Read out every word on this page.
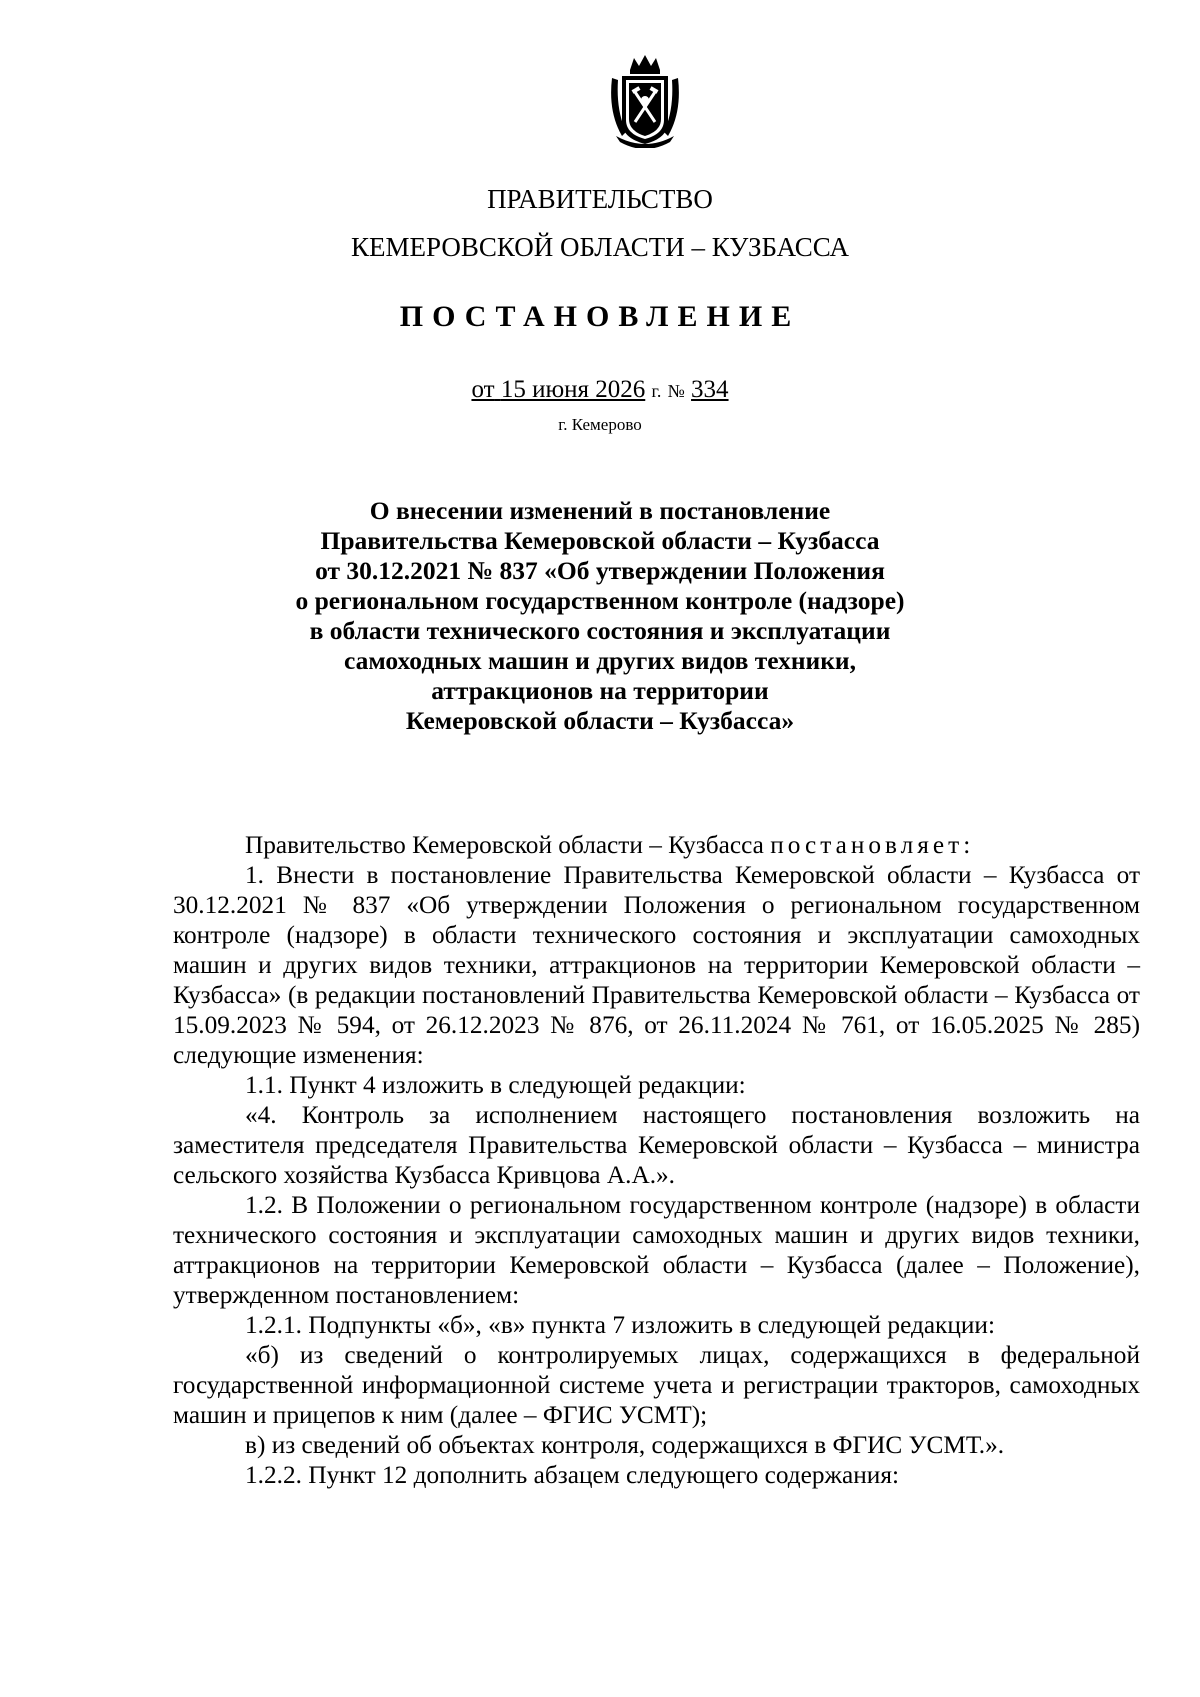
ПРАВИТЕЛЬСТВО
КЕМЕРОВСКОЙ ОБЛАСТИ – КУЗБАССА
ПОСТАНОВЛЕНИЕ
от 15 июня 2026 г. № 334
г. Кемерово
О внесении изменений в постановление
Правительства Кемеровской области – Кузбасса
от 30.12.2021 № 837 «Об утверждении Положения
о региональном государственном контроле (надзоре)
в области технического состояния и эксплуатации
самоходных машин и других видов техники,
аттракционов на территории
Кемеровской области – Кузбасса»

Правительство Кемеровской области – Кузбасса постановляет:

1. Внести в постановление Правительства Кемеровской области – Кузбасса от 30.12.2021 № 837 «Об утверждении Положения о региональном государственном контроле (надзоре) в области технического состояния и эксплуатации самоходных машин и других видов техники, аттракционов на территории Кемеровской области – Кузбасса» (в редакции постановлений Правительства Кемеровской области – Кузбасса от 15.09.2023 № 594, от 26.12.2023 № 876, от 26.11.2024 № 761, от 16.05.2025 № 285) следующие изменения:

1.1. Пункт 4 изложить в следующей редакции:

«4. Контроль за исполнением настоящего постановления возложить на заместителя председателя Правительства Кемеровской области – Кузбасса – министра сельского хозяйства Кузбасса Кривцова А.А.».

1.2. В Положении о региональном государственном контроле (надзоре) в области технического состояния и эксплуатации самоходных машин и других видов техники, аттракционов на территории Кемеровской области – Кузбасса (далее – Положение), утвержденном постановлением:

1.2.1. Подпункты «б», «в» пункта 7 изложить в следующей редакции:

«б) из сведений о контролируемых лицах, содержащихся в федеральной государственной информационной системе учета и регистрации тракторов, самоходных машин и прицепов к ним (далее – ФГИС УСМТ);

в) из сведений об объектах контроля, содержащихся в ФГИС УСМТ.».

1.2.2. Пункт 12 дополнить абзацем следующего содержания:
